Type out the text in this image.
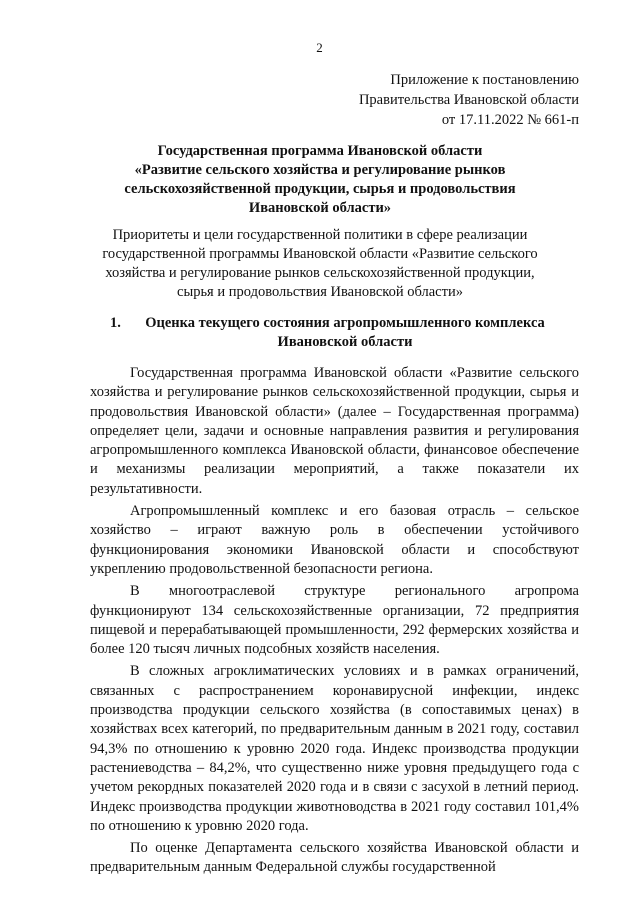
2
Приложение к постановлению
Правительства Ивановской области
от 17.11.2022 № 661-п
Государственная программа Ивановской области
«Развитие сельского хозяйства и регулирование рынков
сельскохозяйственной продукции, сырья и продовольствия
Ивановской области»
Приоритеты и цели государственной политики в сфере реализации
государственной программы Ивановской области «Развитие сельского
хозяйства и регулирование рынков сельскохозяйственной продукции,
сырья и продовольствия Ивановской области»
1.	Оценка текущего состояния агропромышленного комплекса
Ивановской области

Государственная программа Ивановской области «Развитие сельского хозяйства и регулирование рынков сельскохозяйственной продукции, сырья и продовольствия Ивановской области» (далее – Государственная программа) определяет цели, задачи и основные направления развития и регулирования агропромышленного комплекса Ивановской области, финансовое обеспечение и механизмы реализации мероприятий, а также показатели их результативности.

Агропромышленный комплекс и его базовая отрасль – сельское хозяйство – играют важную роль в обеспечении устойчивого функционирования экономики Ивановской области и способствуют укреплению продовольственной безопасности региона.

В многоотраслевой структуре регионального агропрома функционируют 134 сельскохозяйственные организации, 72 предприятия пищевой и перерабатывающей промышленности, 292 фермерских хозяйства и более 120 тысяч личных подсобных хозяйств населения.

В сложных агроклиматических условиях и в рамках ограничений, связанных с распространением коронавирусной инфекции, индекс производства продукции сельского хозяйства (в сопоставимых ценах) в хозяйствах всех категорий, по предварительным данным в 2021 году, составил 94,3% по отношению к уровню 2020 года. Индекс производства продукции растениеводства – 84,2%, что существенно ниже уровня предыдущего года с учетом рекордных показателей 2020 года и в связи с засухой в летний период. Индекс производства продукции животноводства в 2021 году составил 101,4% по отношению к уровню 2020 года.

По оценке Департамента сельского хозяйства Ивановской области и предварительным данным Федеральной службы государственной
